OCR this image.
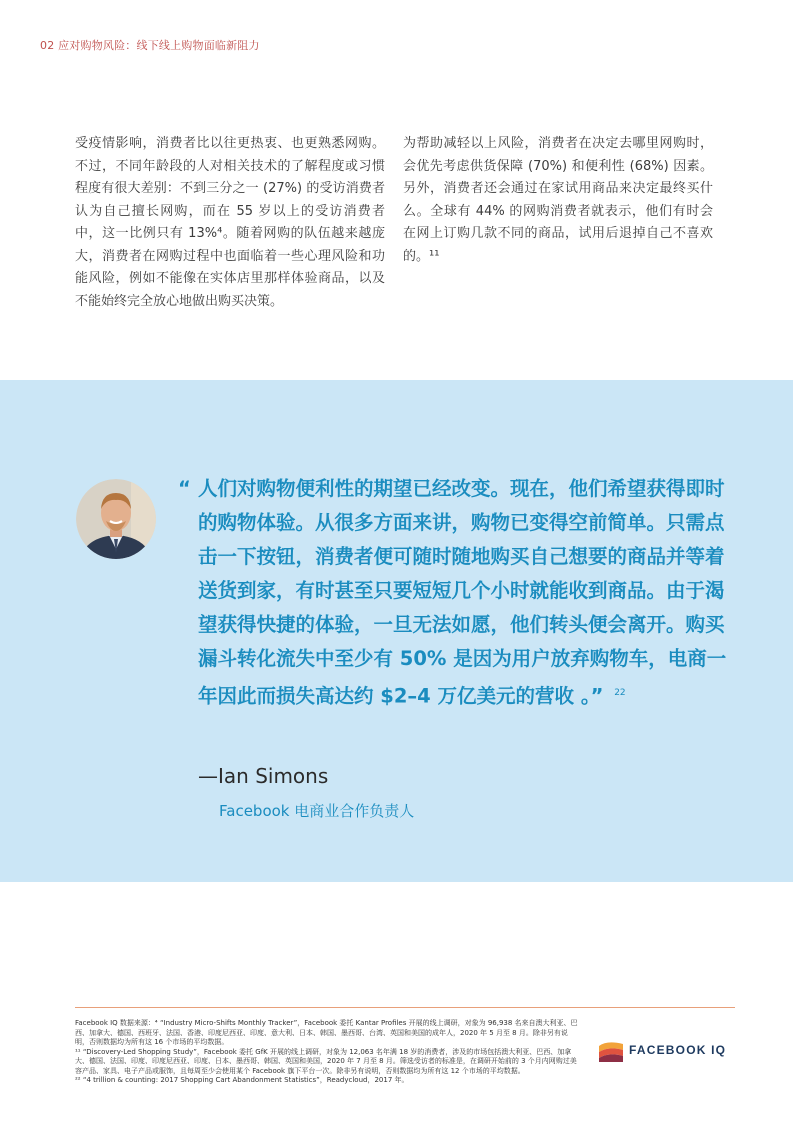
02 应对购物风险：线下线上购物面临新阻力
受疫情影响，消费者比以往更热衷、也更熟悉网购。不过，不同年龄段的人对相关技术的了解程度或习惯程度有很大差别：不到三分之一 (27%) 的受访消费者认为自己擅长网购，而在 55 岁以上的受访消费者中，这一比例只有 13%⁴。随着网购的队伍越来越庞大，消费者在网购过程中也面临着一些心理风险和功能风险，例如不能像在实体店里那样体验商品，以及不能始终完全放心地做出购买决策。
为帮助减轻以上风险，消费者在决定去哪里网购时，会优先考虑供货保障 (70%) 和便利性 (68%) 因素。另外，消费者还会通过在家试用商品来决定最终买什么。全球有 44% 的网购消费者就表示，他们有时会在网上订购几款不同的商品，试用后退掉自己不喜欢的。¹¹
“ 人们对购物便利性的期望已经改变。现在，他们希望获得即时的购物体验。从很多方面来讲，购物已变得空前简单。只需点击一下按钮，消费者便可随时随地购买自己想要的商品并等着送货到家，有时甚至只要短短几个小时就能收到商品。由于渴望获得快捷的体验，一旦无法如愿，他们转头便会离开。购买漏斗转化流失中至少有 50% 是因为用户放弃购物车，电商一年因此而损失高达约 $2–4 万亿美元的营收 。” $^{22}$
—Ian Simons
Facebook 电商业合作负责人

Facebook IQ 数据来源：⁴ “Industry Micro-Shifts Monthly Tracker”，Facebook 委托 Kantar Profiles 开展的线上调研，对象为 96,938 名来自澳大利亚、巴西、加拿大、德国、西班牙、法国、香港、印度尼西亚、印度、意大利、日本、韩国、墨西哥、台湾、英国和美国的成年人，2020 年 5 月至 8 月。除非另有说明，否则数据均为所有这 16 个市场的平均数据。

¹¹ “Discovery-Led Shopping Study”，Facebook 委托 GfK 开展的线上调研，对象为 12,063 名年满 18 岁的消费者，涉及的市场包括澳大利亚、巴西、加拿大、德国、法国、印度、印度尼西亚、印度、日本、墨西哥、韩国、英国和美国，2020 年 7 月至 8 月。筛选受访者的标准是，在调研开始前的 3 个月内网购过美容产品、家具、电子产品或服饰，且每周至少会使用某个 Facebook 旗下平台一次。除非另有说明，否则数据均为所有这 12 个市场的平均数据。

²² “4 trillion & counting: 2017 Shopping Cart Abandonment Statistics”，Readycloud，2017 年。

FACEBOOK IQ
